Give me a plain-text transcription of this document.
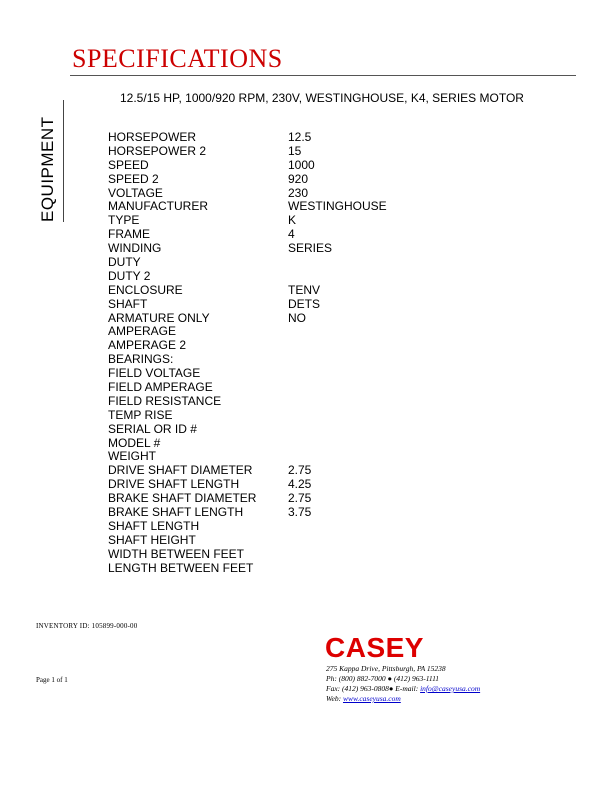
SPECIFICATIONS
EQUIPMENT
12.5/15 HP, 1000/920 RPM, 230V, WESTINGHOUSE, K4, SERIES MOTOR
HORSEPOWER	12.5
HORSEPOWER 2	15
SPEED	1000
SPEED 2	920
VOLTAGE	230
MANUFACTURER	WESTINGHOUSE
TYPE	K
FRAME	4
WINDING	SERIES
DUTY
DUTY 2
ENCLOSURE	TENV
SHAFT	DETS
ARMATURE ONLY	NO
AMPERAGE
AMPERAGE 2
BEARINGS:
FIELD VOLTAGE
FIELD AMPERAGE
FIELD RESISTANCE
TEMP RISE
SERIAL OR ID #
MODEL #
WEIGHT
DRIVE SHAFT DIAMETER	2.75
DRIVE SHAFT LENGTH	4.25
BRAKE SHAFT DIAMETER	2.75
BRAKE SHAFT LENGTH	3.75
SHAFT LENGTH
SHAFT HEIGHT
WIDTH BETWEEN FEET
LENGTH BETWEEN FEET
INVENTORY ID: 105899-000-00
Page 1 of 1
CASEY
275 Kappa Drive, Pittsburgh, PA 15238
Ph: (800) 882-7000 ● (412) 963-1111
Fax: (412) 963-0808● E-mail: info@caseyusa.com
Web: www.caseyusa.com
